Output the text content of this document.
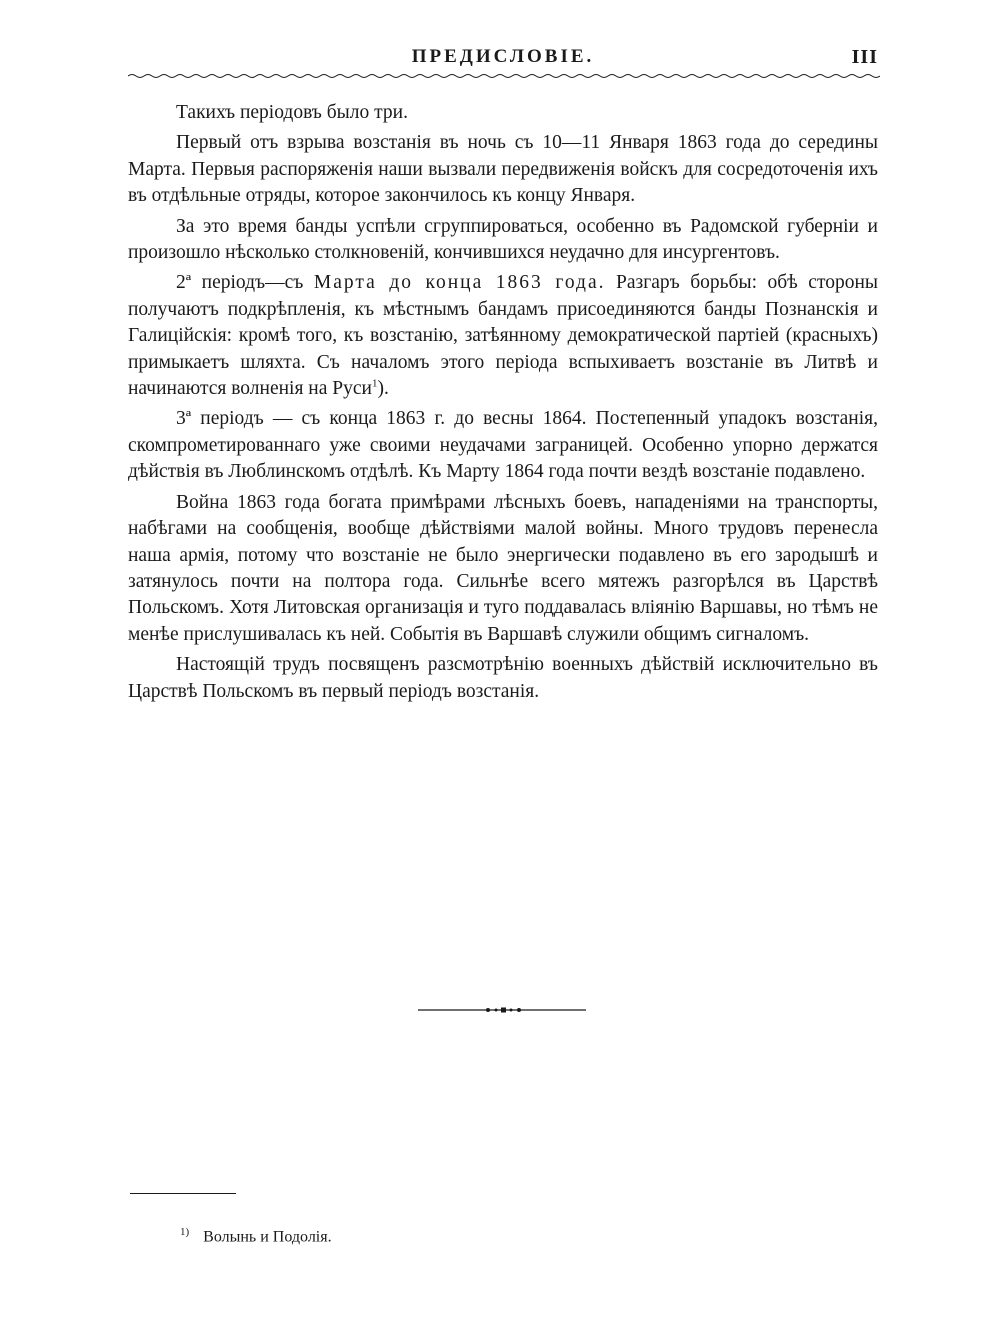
ПРЕДИСЛОВІЕ.	III

Такихъ періодовъ было три.

Первый отъ взрыва возстанія въ ночь съ 10—11 Января 1863 года до середины Марта. Первыя распоряженія наши вызвали передвиженія войскъ для сосредоточенія ихъ въ отдѣльные отряды, которое закончилось къ концу Января.

За это время банды успѣли сгруппироваться, особенно въ Радомской губерніи и произошло нѣсколько столкновеній, кончившихся неудачно для инсургентовъ.

2ª періодъ—съ Марта до конца 1863 года. Разгаръ борьбы: обѣ стороны получаютъ подкрѣпленія, къ мѣстнымъ бандамъ присоединяются банды Познанскія и Галиційскія: кромѣ того, къ возстанію, затѣянному демократической партіей (красныхъ) примыкаетъ шляхта. Съ началомъ этого періода вспыхиваетъ возстаніе въ Литвѣ и начинаются волненія на Руси$^1$).

3ª періодъ — съ конца 1863 г. до весны 1864. Постепенный упадокъ возстанія, скомпрометированнаго уже своими неудачами заграницей. Особенно упорно держатся дѣйствія въ Люблинскомъ отдѣлѣ. Къ Марту 1864 года почти вездѣ возстаніе подавлено.

Война 1863 года богата примѣрами лѣсныхъ боевъ, нападеніями на транспорты, набѣгами на сообщенія, вообще дѣйствіями малой войны. Много трудовъ перенесла наша армія, потому что возстаніе не было энергически подавлено въ его зародышѣ и затянулось почти на полтора года. Сильнѣе всего мятежъ разгорѣлся въ Царствѣ Польскомъ. Хотя Литовская организація и туго поддавалась вліянію Варшавы, но тѣмъ не менѣе прислушивалась къ ней. Событія въ Варшавѣ служили общимъ сигналомъ.

Настоящій трудъ посвященъ разсмотрѣнію военныхъ дѣйствій исключительно въ Царствѣ Польскомъ въ первый періодъ возстанія.

$^{1)}$ Волынь и Подолія.
